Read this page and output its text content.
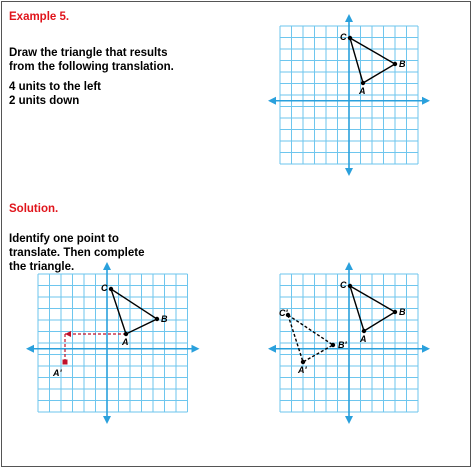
Example 5.
Draw the triangle that results
from the following translation.
4 units to the left
2 units down
Solution.
Identify one point to
translate. Then complete
the triangle.
C
B
A
C
B
A
A'
C
B
A
C'
B'
A'
